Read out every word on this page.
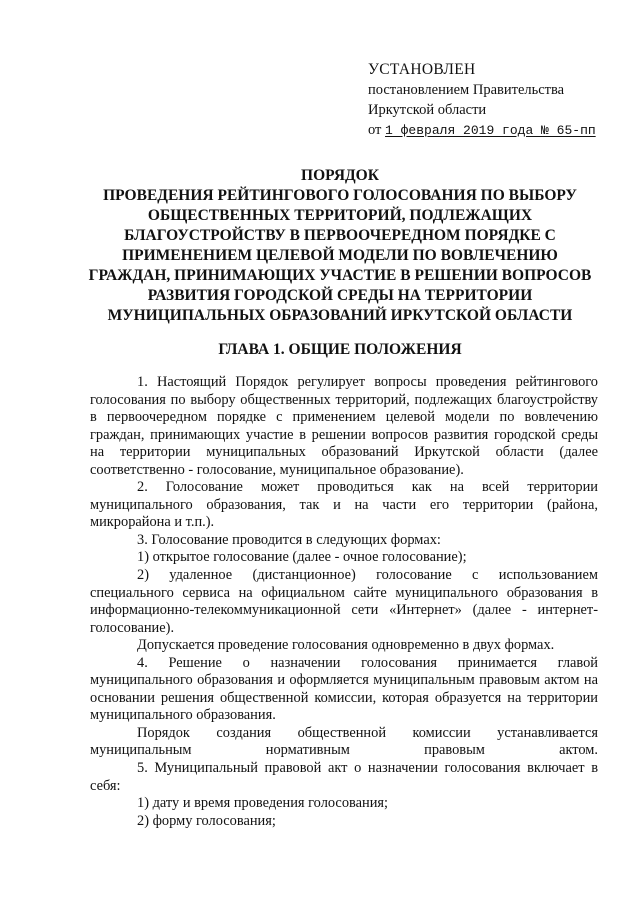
УСТАНОВЛЕН
постановлением Правительства
Иркутской области
от 1 февраля 2019 года № 65-пп
ПОРЯДОК
ПРОВЕДЕНИЯ РЕЙТИНГОВОГО ГОЛОСОВАНИЯ ПО ВЫБОРУ
ОБЩЕСТВЕННЫХ ТЕРРИТОРИЙ, ПОДЛЕЖАЩИХ
БЛАГОУСТРОЙСТВУ В ПЕРВООЧЕРЕДНОМ ПОРЯДКЕ С
ПРИМЕНЕНИЕМ ЦЕЛЕВОЙ МОДЕЛИ ПО ВОВЛЕЧЕНИЮ
ГРАЖДАН, ПРИНИМАЮЩИХ УЧАСТИЕ В РЕШЕНИИ ВОПРОСОВ
РАЗВИТИЯ ГОРОДСКОЙ СРЕДЫ НА ТЕРРИТОРИИ
МУНИЦИПАЛЬНЫХ ОБРАЗОВАНИЙ ИРКУТСКОЙ ОБЛАСТИ
ГЛАВА 1. ОБЩИЕ ПОЛОЖЕНИЯ

1. Настоящий Порядок регулирует вопросы проведения рейтингового голосования по выбору общественных территорий, подлежащих благоустройству в первоочередном порядке с применением целевой модели по вовлечению граждан, принимающих участие в решении вопросов развития городской среды на территории муниципальных образований Иркутской области (далее соответственно - голосование, муниципальное образование).

2. Голосование может проводиться как на всей территории муниципального образования, так и на части его территории (района, микрорайона и т.п.).

3. Голосование проводится в следующих формах:

1) открытое голосование (далее - очное голосование);

2) удаленное (дистанционное) голосование с использованием специального сервиса на официальном сайте муниципального образования в информационно-телекоммуникационной сети «Интернет» (далее - интернет-голосование).

Допускается проведение голосования одновременно в двух формах.

4. Решение о назначении голосования принимается главой муниципального образования и оформляется муниципальным правовым актом на основании решения общественной комиссии, которая образуется на территории муниципального образования.

Порядок создания общественной комиссии устанавливается муниципальным нормативным правовым актом.

5. Муниципальный правовой акт о назначении голосования включает в себя:

1) дату и время проведения голосования;

2) форму голосования;
